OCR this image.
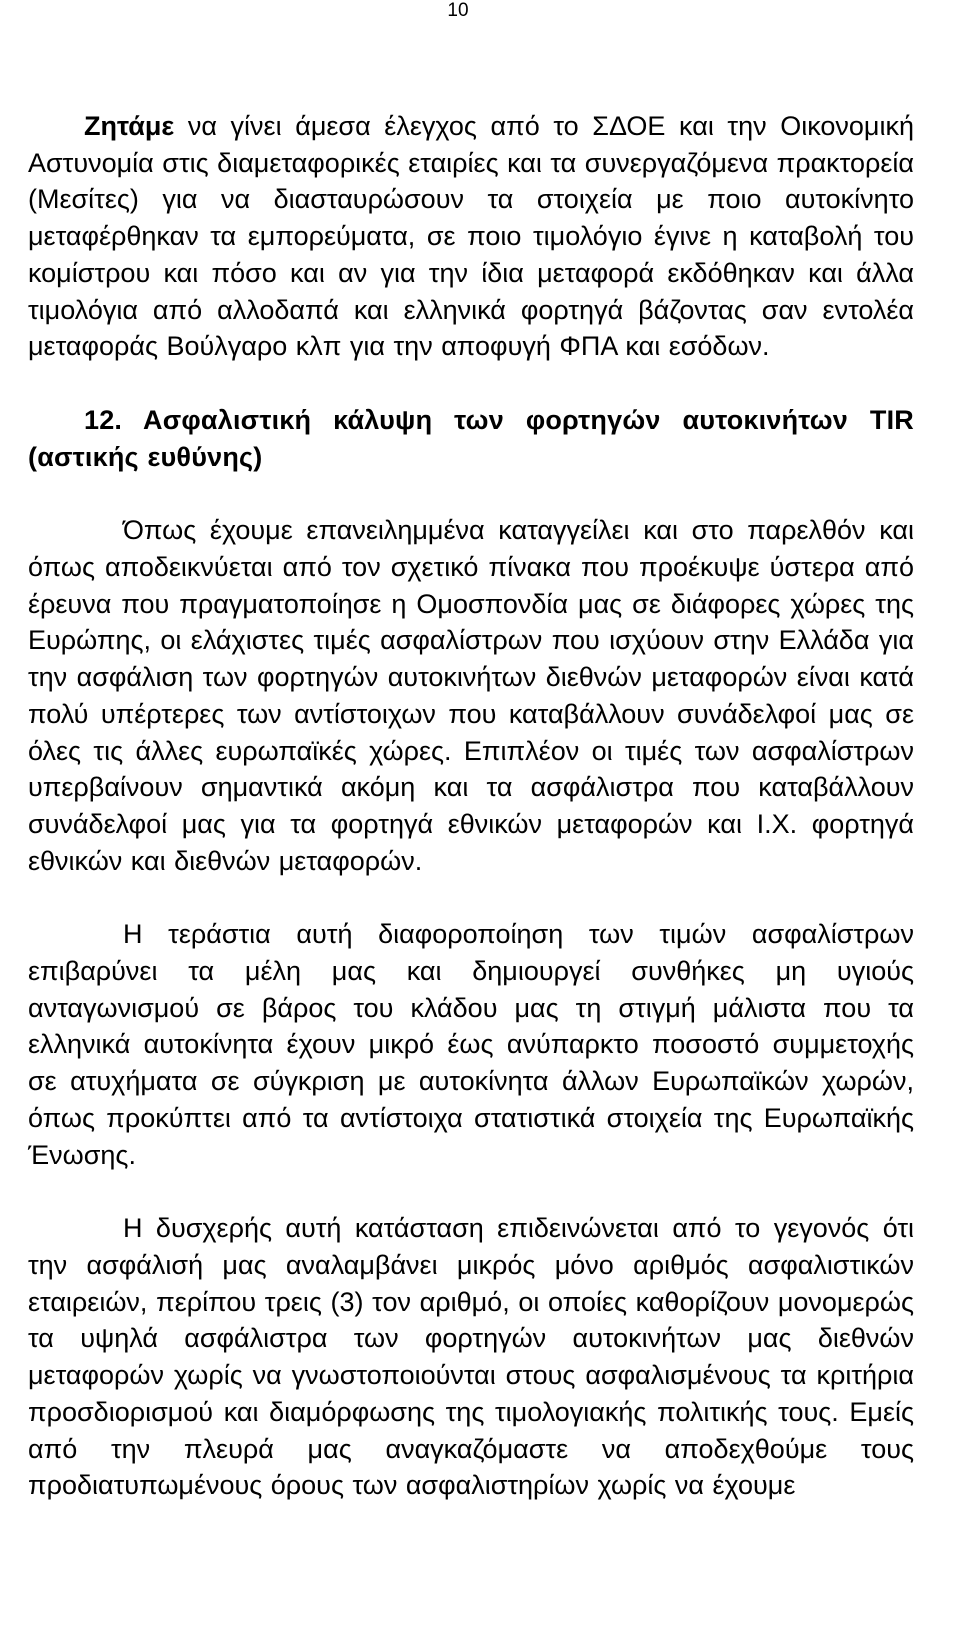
10

Ζητάμε να γίνει άμεσα έλεγχος από το ΣΔΟΕ και την Οικονομική Αστυνομία στις διαμεταφορικές εταιρίες και τα συνεργαζόμενα πρακτορεία (Μεσίτες) για να διασταυρώσουν τα στοιχεία με ποιο αυτοκίνητο μεταφέρθηκαν τα εμπορεύματα, σε ποιο τιμολόγιο έγινε η καταβολή του κομίστρου και πόσο και αν για την ίδια μεταφορά εκδόθηκαν και άλλα τιμολόγια από αλλοδαπά και ελληνικά φορτηγά βάζοντας σαν εντολέα μεταφοράς Βούλγαρο κλπ για την αποφυγή ΦΠΑ και εσόδων.

12. Ασφαλιστική κάλυψη των φορτηγών αυτοκινήτων TIR (αστικής ευθύνης)

Όπως έχουμε επανειλημμένα καταγγείλει και στο παρελθόν και όπως αποδεικνύεται από τον σχετικό πίνακα που προέκυψε ύστερα από έρευνα που πραγματοποίησε η Ομοσπονδία μας σε διάφορες χώρες της Ευρώπης, οι ελάχιστες τιμές ασφαλίστρων που ισχύουν στην Ελλάδα για την ασφάλιση των φορτηγών αυτοκινήτων διεθνών μεταφορών είναι κατά πολύ υπέρτερες των αντίστοιχων που καταβάλλουν συνάδελφοί μας σε όλες τις άλλες ευρωπαϊκές χώρες. Επιπλέον οι τιμές των ασφαλίστρων υπερβαίνουν σημαντικά ακόμη και τα ασφάλιστρα που καταβάλλουν συνάδελφοί μας για τα φορτηγά εθνικών μεταφορών και Ι.Χ. φορτηγά εθνικών και διεθνών μεταφορών.

Η τεράστια αυτή διαφοροποίηση των τιμών ασφαλίστρων επιβαρύνει τα μέλη μας και δημιουργεί συνθήκες μη υγιούς ανταγωνισμού σε βάρος του κλάδου μας τη στιγμή μάλιστα που τα ελληνικά αυτοκίνητα έχουν μικρό έως ανύπαρκτο ποσοστό συμμετοχής σε ατυχήματα σε σύγκριση με αυτοκίνητα άλλων Ευρωπαϊκών χωρών, όπως προκύπτει από τα αντίστοιχα στατιστικά στοιχεία της Ευρωπαϊκής Ένωσης.

Η δυσχερής αυτή κατάσταση επιδεινώνεται από το γεγονός ότι την ασφάλισή μας αναλαμβάνει μικρός μόνο αριθμός ασφαλιστικών εταιρειών, περίπου τρεις (3) τον αριθμό, οι οποίες καθορίζουν μονομερώς τα υψηλά ασφάλιστρα των φορτηγών αυτοκινήτων μας διεθνών μεταφορών χωρίς να γνωστοποιούνται στους ασφαλισμένους τα κριτήρια προσδιορισμού και διαμόρφωσης της τιμολογιακής πολιτικής τους. Εμείς από την πλευρά μας αναγκαζόμαστε να αποδεχθούμε τους προδιατυπωμένους όρους των ασφαλιστηρίων χωρίς να έχουμε
